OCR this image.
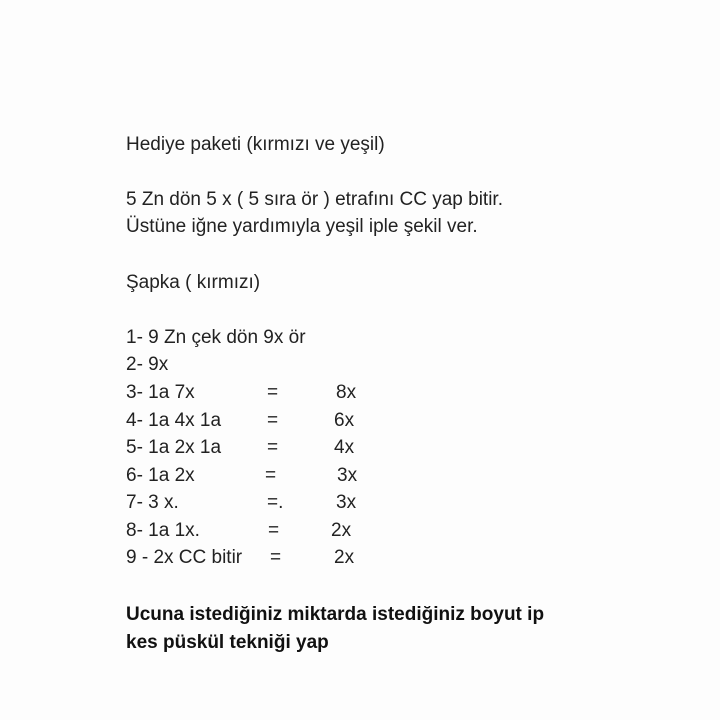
Hediye paketi (kırmızı ve yeşil)

5 Zn dön 5 x ( 5 sıra ör ) etrafını CC yap bitir.

Üstüne iğne yardımıyla yeşil iple şekil ver.

Şapka ( kırmızı)

1- 9 Zn çek dön 9x ör

2- 9x

3- 1a 7x	=	8x
4- 1a 4x 1a =	6x
5- 1a 2x 1a =	4x
6- 1a 2x	=	3x
7- 3 x.	=.	3x
8- 1a 1x.	=	2x
9 - 2x CC bitir =	2x

Ucuna istediğiniz miktarda istediğiniz boyut ip

kes püskül tekniği yap
